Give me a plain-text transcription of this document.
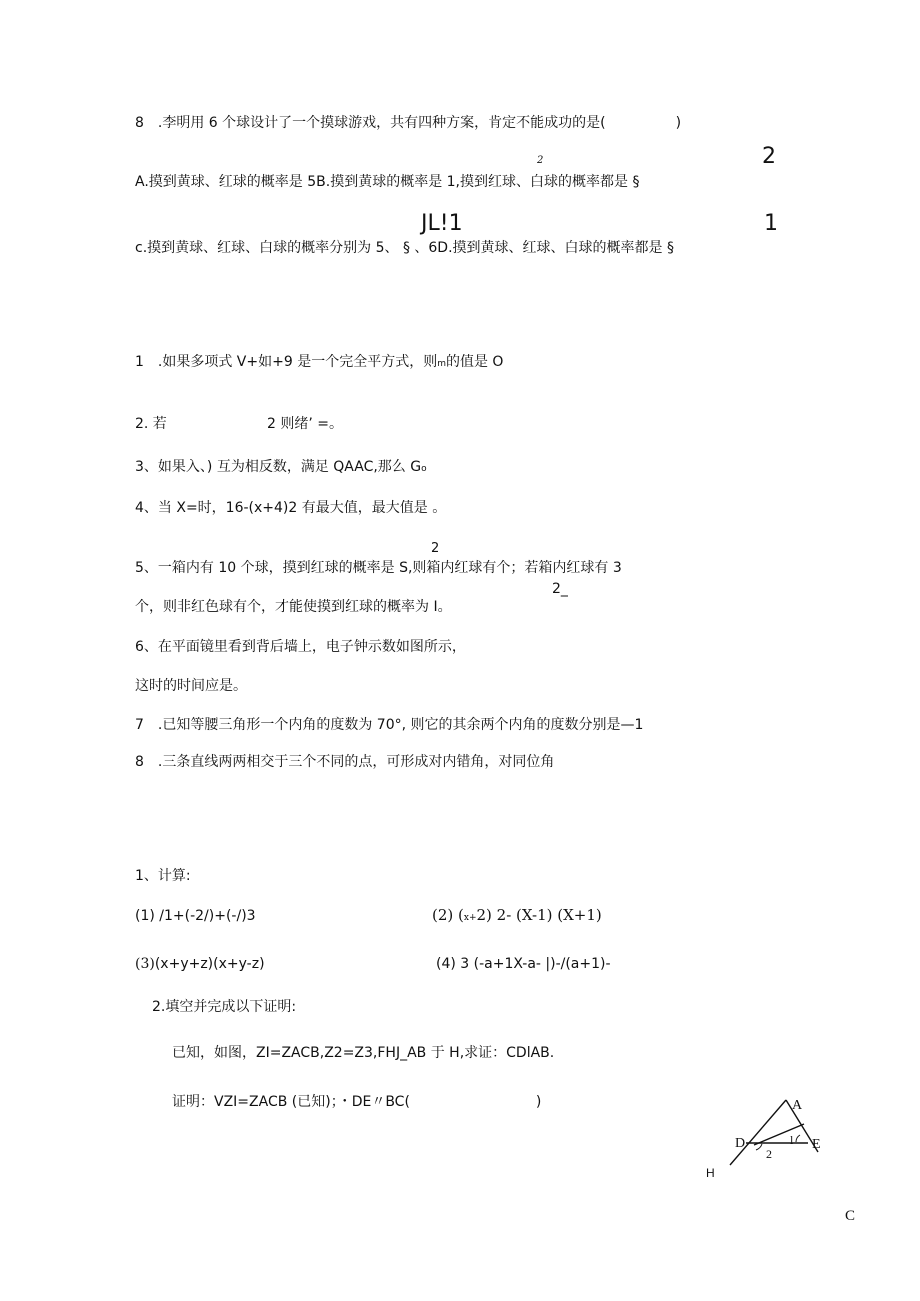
8　.李明用 6 个球设计了一个摸球游戏，共有四种方案，肯定不能成功的是(　　　　　)
2	2
A.摸到黄球、红球的概率是 5B.摸到黄球的概率是 1,摸到红球、白球的概率都是 §
JL!1	1
c.摸到黄球、红球、白球的概率分别为 5、 § 、6D.摸到黄球、红球、白球的概率都是 §
1　.如果多项式 V+如+9 是一个完全平方式，则m的值是 O
2. 若	2 则绪’ =。
3、如果入、) 互为相反数，满足 QAAC,那么 Go
4、当 X=时，16-(x+4)2 有最大值，最大值是 。
2
5、一箱内有 10 个球，摸到红球的概率是 S,则箱内红球有个；若箱内红球有 3
2_
个，则非红色球有个，才能使摸到红球的概率为 I。
6、在平面镜里看到背后墙上，电子钟示数如图所示，
这时的时间应是。
7　.已知等腰三角形一个内角的度数为 70°, 则它的其余两个内角的度数分别是—1
8　.三条直线两两相交于三个不同的点，可形成对内错角，对同位角
1、计算:
(1) /1+(-2/)+(-/)3	(2) (x+2) 2- (X-1) (X+1)
(3)(x+y+z)(x+y-z)	(4) 3 (-a+1X-a- |)-/(a+1)-
2.填空并完成以下证明:
已知，如图，ZI=ZACB,Z2=Z3,FHJ_AB 于 H,求证：CDlAB.
证明：VZI=ZACB (已知)；・DE〃BC(　　　　　　　　　)	A
D	E
l
2
H
C
